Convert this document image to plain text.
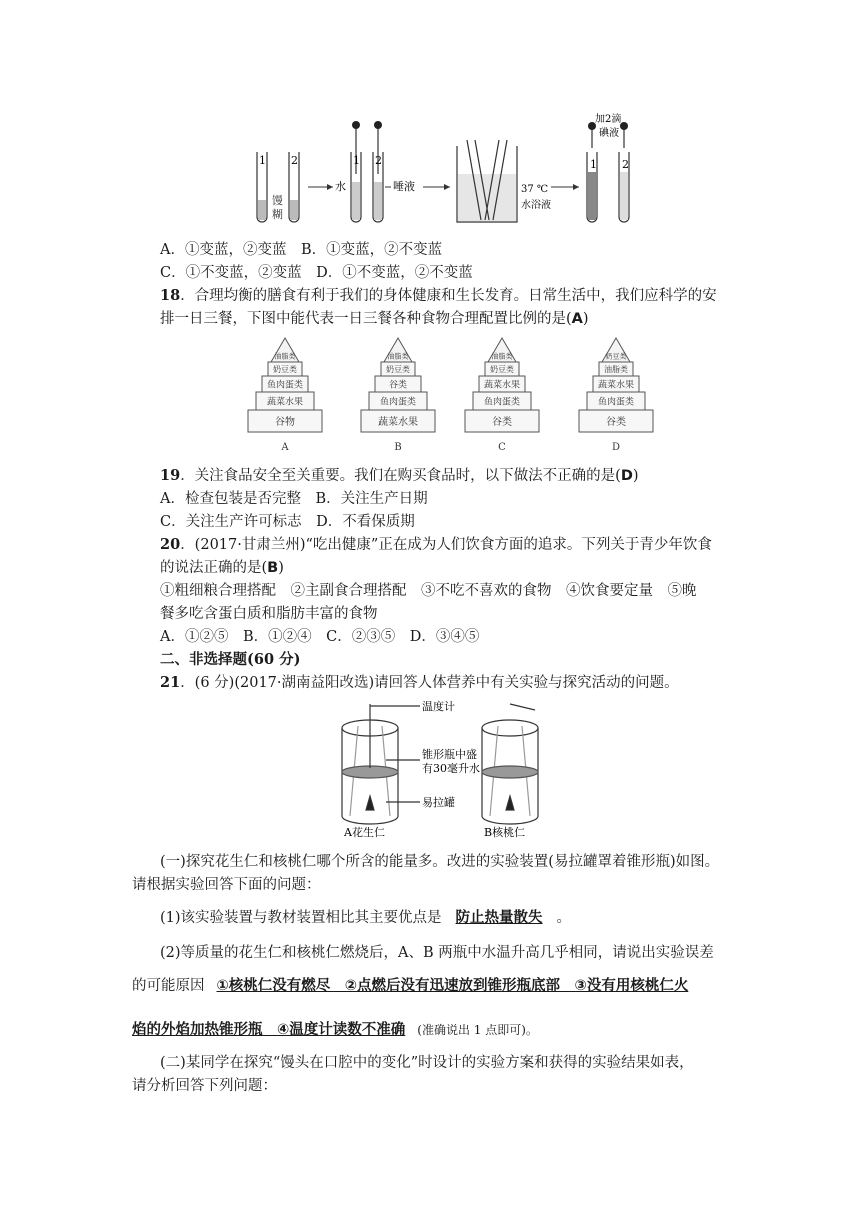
1 2
馒
糊
1 2
水	唾液	37 ℃
水浴液
1 2
加2滴
碘液
A．①变蓝，②变蓝　B．①变蓝，②不变蓝
C．①不变蓝，②变蓝　D．①不变蓝，②不变蓝
18．合理均衡的膳食有利于我们的身体健康和生长发育。日常生活中，我们应科学的安
排一日三餐，下图中能代表一日三餐各种食物合理配置比例的是(A)
油脂类
奶豆类
鱼肉蛋类
蔬菜水果
谷物
A
油脂类
奶豆类
谷类
鱼肉蛋类
蔬菜水果
B
油脂类
奶豆类
蔬菜水果
鱼肉蛋类
谷类
C
奶豆类
油脂类
蔬菜水果
鱼肉蛋类
谷类
D
19．关注食品安全至关重要。我们在购买食品时，以下做法不正确的是(D)
A．检查包装是否完整　B．关注生产日期
C．关注生产许可标志　D．不看保质期
20．(2017·甘肃兰州)“吃出健康”正在成为人们饮食方面的追求。下列关于青少年饮食
的说法正确的是(B)
①粗细粮合理搭配　②主副食合理搭配　③不吃不喜欢的食物　④饮食要定量　⑤晚
餐多吃含蛋白质和脂肪丰富的食物
A．①②⑤　B．①②④　C．②③⑤　D．③④⑤
二、非选择题(60 分)
21．(6 分)(2017·湖南益阳改选)请回答人体营养中有关实验与探究活动的问题。
温度计
锥形瓶中盛
有30毫升水
易拉罐
A花生仁	B核桃仁
(一)探究花生仁和核桃仁哪个所含的能量多。改进的实验装置(易拉罐罩着锥形瓶)如图。
请根据实验回答下面的问题：
(1)该实验装置与教材装置相比其主要优点是 防止热量散失 。
(2)等质量的花生仁和核桃仁燃烧后，A、B 两瓶中水温升高几乎相同，请说出实验误差
的可能原因 ①核桃仁没有燃尽　②点燃后没有迅速放到锥形瓶底部　③没有用核桃仁火
焰的外焰加热锥形瓶　④温度计读数不准确 (准确说出 1 点即可)。
(二)某同学在探究“馒头在口腔中的变化”时设计的实验方案和获得的实验结果如表，
请分析回答下列问题：
